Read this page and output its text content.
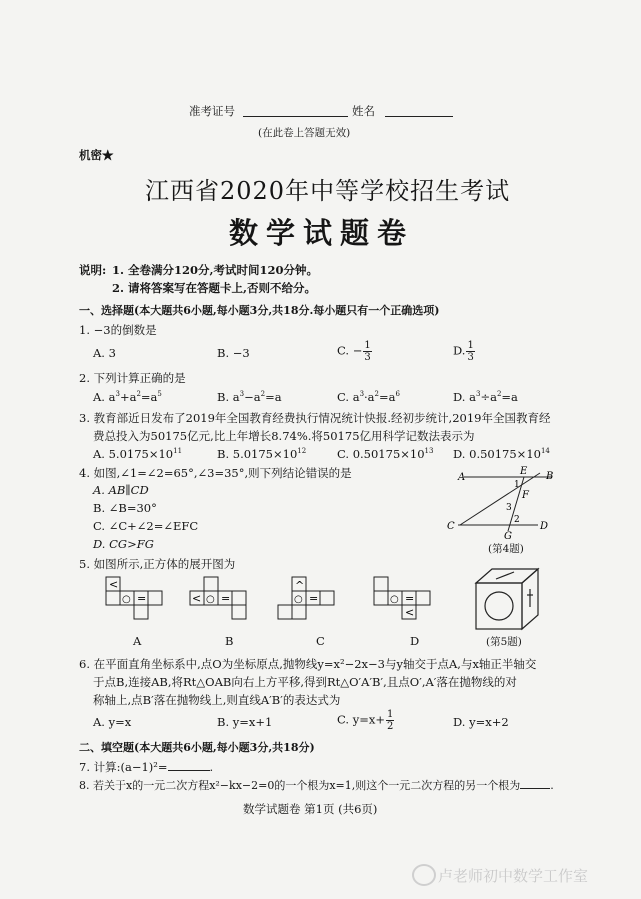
准考证号	姓名
(在此卷上答题无效)
机密★
江西省2020年中等学校招生考试
数学试题卷
说明: 1. 全卷满分120分,考试时间120分钟。
2. 请将答案写在答题卡上,否则不给分。
一、选择题(本大题共6小题,每小题3分,共18分.每小题只有一个正确选项)
1. −3的倒数是
A. 3	B. −3	C. − $\frac{1}{3}$	D. $\frac{1}{3}$
2. 下列计算正确的是
A. $a^3+a^2=a^5$	B. $a^3-a^2=a$	C. $a^3\cdot a^2=a^6$	D. $a^3\div a^2=a$
3. 教育部近日发布了2019年全国教育经费执行情况统计快报.经初步统计,2019年全国教育经
费总投入为50175亿元,比上年增长8.74%.将50175亿用科学记数法表示为
A. $5.0175\times 10^{11}$	B. $5.0175\times 10^{12}$	C. $0.50175\times 10^{13}$ D. $0.50175\times 10^{14}$
4. 如图,∠1=∠2=65°,∠3=35°,则下列结论错误的是
A. AB∥CD
B. ∠B=30°
C. ∠C+∠2=∠EFC
D. CG>FG
A	B
E
F
C	D
G
1
2
3
(第4题)
5. 如图所示,正方体的展开图为
<
○ =	< ○ =
^
○ =	○ =
<
A	B	C	D	(第5题)
6. 在平面直角坐标系中,点O为坐标原点,抛物线y=x²−2x−3与y轴交于点A,与x轴正半轴交
于点B,连接AB,将Rt△OAB向右上方平移,得到Rt△O′A′B′,且点O′,A′落在抛物线的对
称轴上,点B′落在抛物线上,则直线A′B′的表达式为
A. y=x	B. y=x+1	C. $y=x+ \frac{1}{2}$	D. y=x+2
二、填空题(本大题共6小题,每小题3分,共18分)
7. 计算:(a−1)²=	.
8. 若关于x的一元二次方程x²−kx−2=0的一个根为x=1,则这个一元二次方程的另一个根为	.
数学试题卷 第1页 (共6页)
卢老师初中数学工作室
